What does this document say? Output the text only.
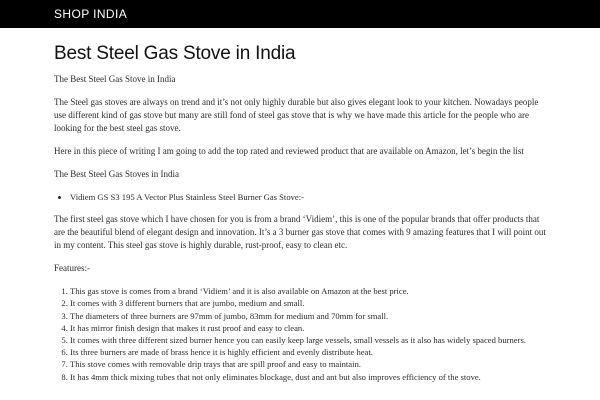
SHOP INDIA
Best Steel Gas Stove in India

The Best Steel Gas Stove in India

The Steel gas stoves are always on trend and it’s not only highly durable but also gives elegant look to your kitchen. Nowadays people use different kind of gas stove but many are still fond of steel gas stove that is why we have made this article for the people who are looking for the best steel gas stove.

Here in this piece of writing I am going to add the top rated and reviewed product that are available on Amazon, let’s begin the list

The Best Steel Gas Stoves in India

• Vidiem GS S3 195 A Vector Plus Stainless Steel Burner Gas Stove:-

The first steel gas stove which I have chosen for you is from a brand ‘Vidiem’, this is one of the popular brands that offer products that are the beautiful blend of elegant design and innovation. It’s a 3 burner gas stove that comes with 9 amazing features that I will point out in my content. This steel gas stove is highly durable, rust-proof, easy to clean etc.

Features:-

1. This gas stove is comes from a brand ‘Vidiem’ and it is also available on Amazon at the best price.
2. It comes with 3 different burners that are jumbo, medium and small.
3. The diameters of three burners are 97mm of jumbo, 83mm for medium and 70mm for small.
4. It has mirror finish design that makes it rust proof and easy to clean.
5. It comes with three different sized burner hence you can easily keep large vessels, small vessels as it also has widely spaced burners.
6. Its three burners are made of brass hence it is highly efficient and evenly distribute heat.
7. This stove comes with removable drip trays that are spill proof and easy to maintain.
8. It has 4mm thick mixing tubes that not only eliminates blockage, dust and ant but also improves efficiency of the stove.
